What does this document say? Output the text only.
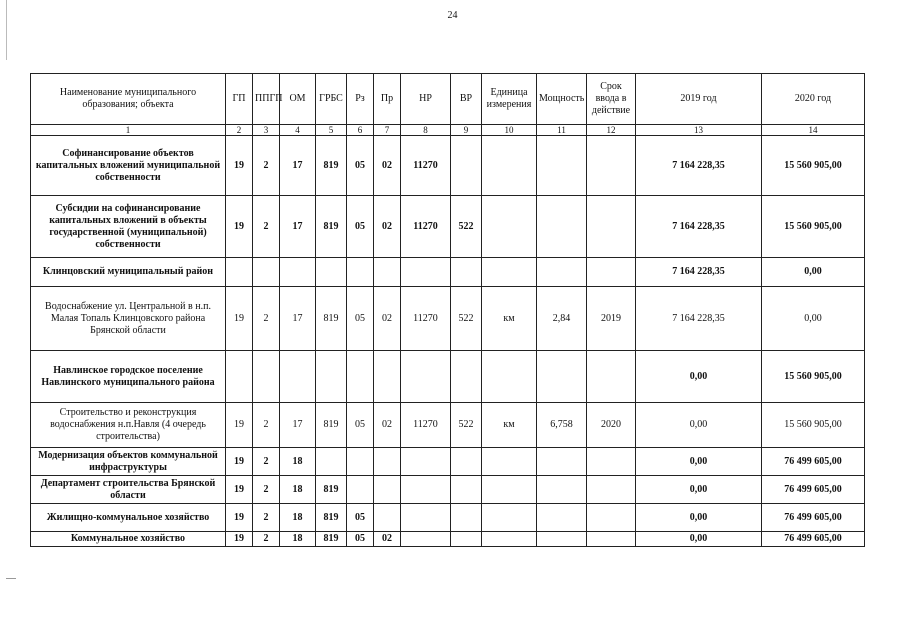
24
Наименование муниципального образования; объекта	ГП	ППГП	ОМ	ГРБС	Рз	Пр	НР	ВР	Единица измерения	Мощность	Срок ввода в действие	2019 год	2020 год
1	2	3	4	5	6	7	8	9	10	11	12	13	14
Софинансирование объектов капитальных вложений муниципальной собственности	19	2	17	819	05	02	11270					7 164 228,35	15 560 905,00
Субсидии на софинансирование капитальных вложений в объекты государственной (муниципальной) собственности	19	2	17	819	05	02	11270	522				7 164 228,35	15 560 905,00
Клинцовский муниципальный район												7 164 228,35	0,00
Водоснабжение ул. Центральной в н.п. Малая Топаль Клинцовского района Брянской области	19	2	17	819	05	02	11270	522	км	2,84	2019	7 164 228,35	0,00
Навлинское городское поселение Навлинского муниципального района												0,00	15 560 905,00
Строительство и реконструкция водоснабжения н.п.Навля (4 очередь строительства)	19	2	17	819	05	02	11270	522	км	6,758	2020	0,00	15 560 905,00
Модернизация объектов коммунальной инфраструктуры	19	2	18									0,00	76 499 605,00
Департамент строительства Брянской области	19	2	18	819								0,00	76 499 605,00
Жилищно-коммунальное хозяйство	19	2	18	819	05							0,00	76 499 605,00
Коммунальное хозяйство	19	2	18	819	05	02						0,00	76 499 605,00
